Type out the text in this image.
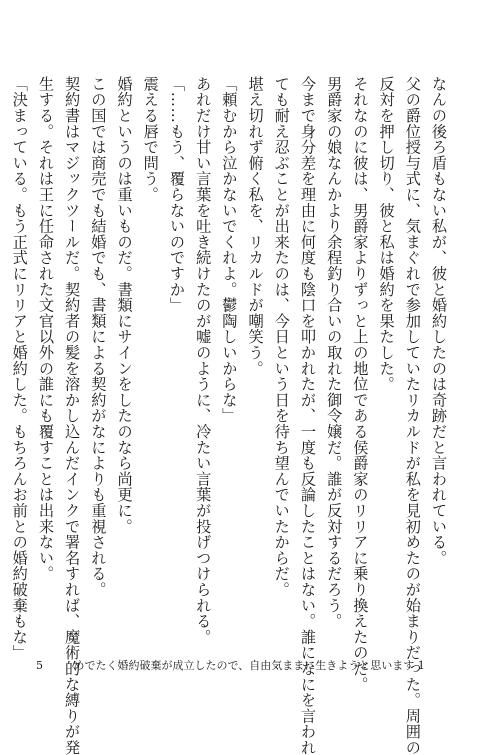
なんの後ろ盾もない私が、彼と婚約したのは奇跡だと言われている。
父の爵位授与式に、気まぐれで参加していたリカルドが私を見初めたのが始まりだった。周囲の
反対を押し切り、彼と私は婚約を果たした。
それなのに彼は、男爵家よりずっと上の地位である侯爵家のリリアに乗り換えたのだ。
男爵家の娘なんかより余程釣り合いの取れた御令嬢だ。誰が反対するだろう。
今まで身分差を理由に何度も陰口を叩かれたが、一度も反論したことはない。誰になにを言われ
ても耐え忍ぶことが出来たのは、今日という日を待ち望んでいたからだ。
堪え切れず俯く私を、リカルドが嘲笑う。
「頼むから泣かないでくれよ。鬱陶しいからな」
あれだけ甘い言葉を吐き続けたのが嘘のように、冷たい言葉が投げつけられる。
「……もう、覆らないのですか」
震える唇で問う。
婚約というのは重いものだ。書類にサインをしたのなら尚更に。
この国では商売でも結婚でも、書類による契約がなによりも重視される。
契約書はマジックツールだ。契約者の髪を溶かし込んだインクで署名すれば、魔術的な縛りが発
生する。それは王に任命された文官以外の誰にも覆すことは出来ない。
「決まっている。もう正式にリリアと婚約した。もちろんお前との婚約破棄もな」
5	めでたく婚約破棄が成立したので、自由気ままに生きようと思います 1
